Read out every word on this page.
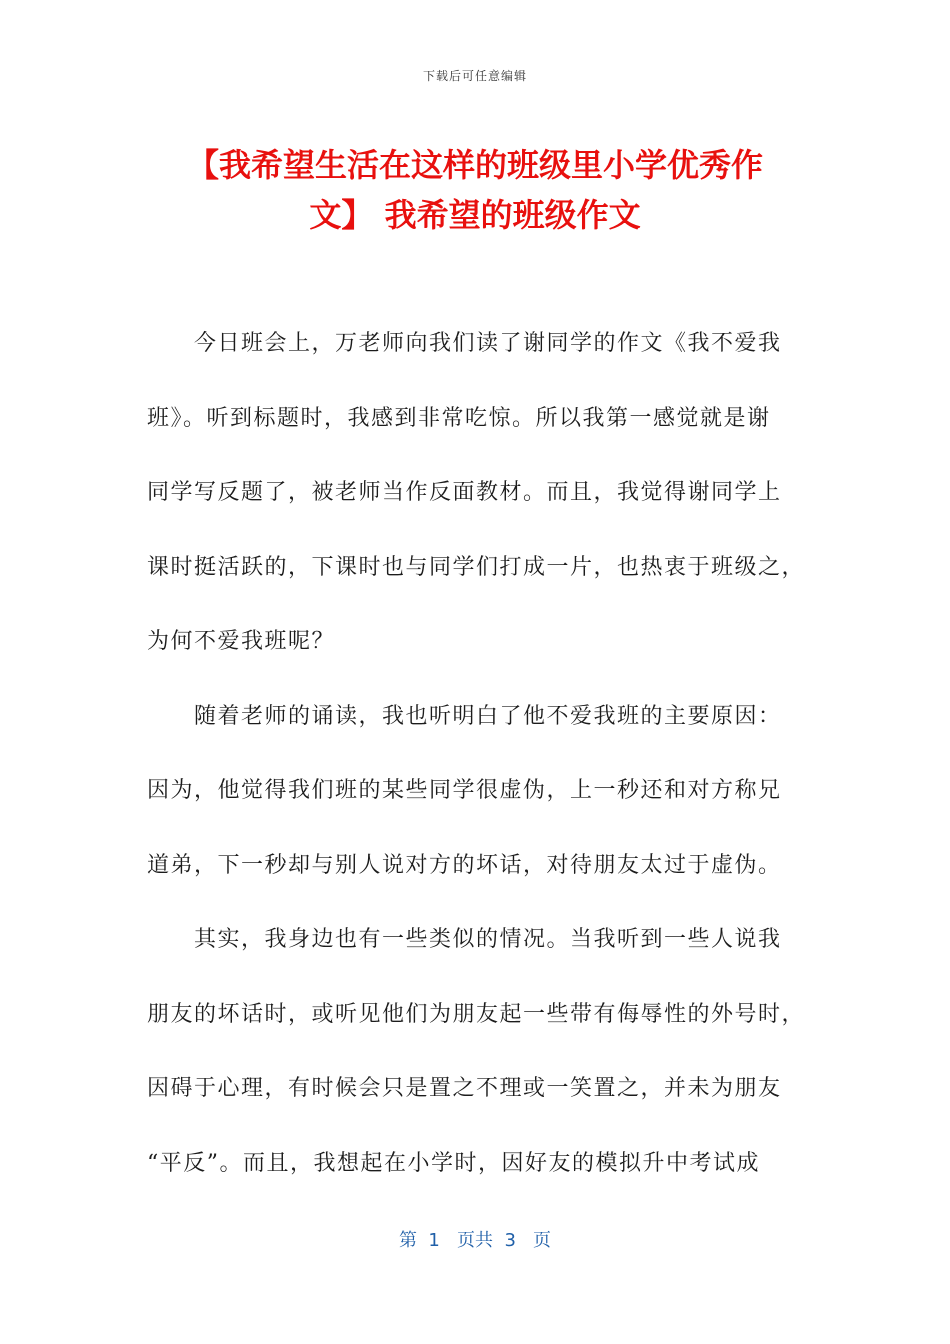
下载后可任意编辑
【我希望生活在这样的班级里小学优秀作
文】 我希望的班级作文
今日班会上，万老师向我们读了谢同学的作文《我不爱我
班》。听到标题时，我感到非常吃惊。所以我第一感觉就是谢
同学写反题了，被老师当作反面教材。而且，我觉得谢同学上
课时挺活跃的，下课时也与同学们打成一片，也热衷于班级之，
为何不爱我班呢？
随着老师的诵读，我也听明白了他不爱我班的主要原因：
因为，他觉得我们班的某些同学很虚伪，上一秒还和对方称兄
道弟，下一秒却与别人说对方的坏话，对待朋友太过于虚伪。
其实，我身边也有一些类似的情况。当我听到一些人说我
朋友的坏话时，或听见他们为朋友起一些带有侮辱性的外号时，
因碍于心理，有时候会只是置之不理或一笑置之，并未为朋友
“平反”。而且，我想起在小学时，因好友的模拟升中考试成
第  1   页共  3   页
